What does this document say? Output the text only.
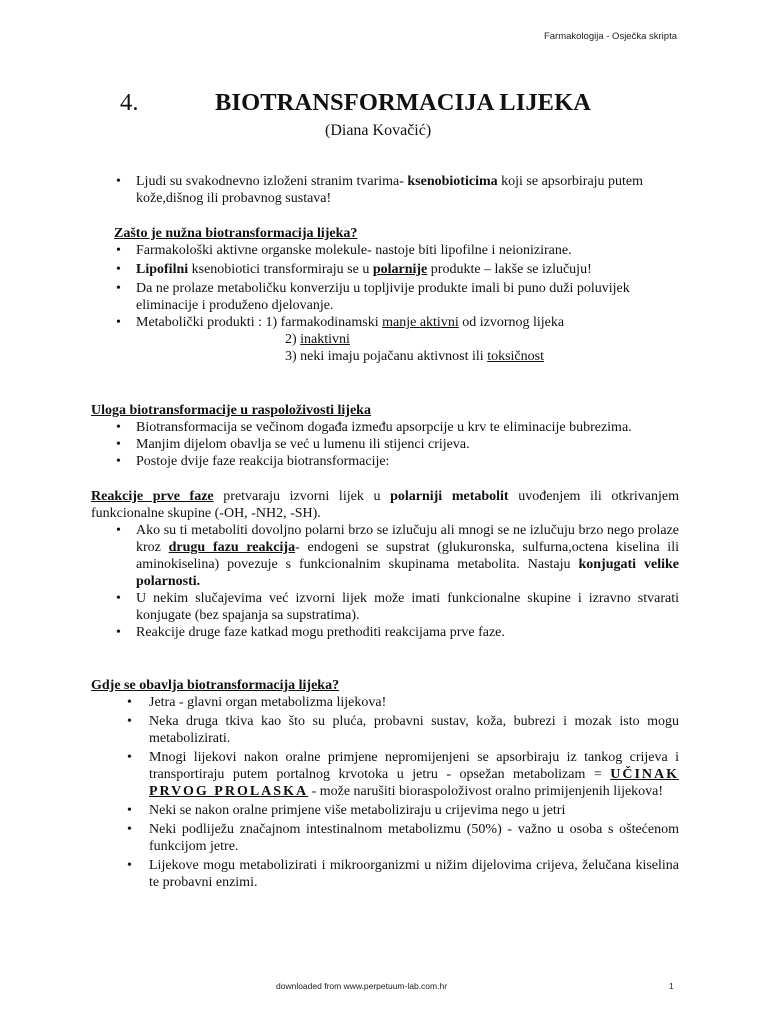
Farmakologija - Osječka skripta
4.	BIOTRANSFORMACIJA LIJEKA
(Diana Kovačić)
• Ljudi su svakodnevno izloženi stranim tvarima- ksenobioticima koji se apsorbiraju putem kože,dišnog ili probavnog sustava!

Zašto je nužna biotransformacija lijeka?

• Farmakološki aktivne organske molekule- nastoje biti lipofilne i neionizirane.
• Lipofilni ksenobiotici transformiraju se u polarnije produkte – lakše se izlučuju!
• Da ne prolaze metaboličku konverziju u topljivije produkte imali bi puno duži poluvijek eliminacije i produženo djelovanje.
• Metabolički produkti : 1) farmakodinamski manje aktivni od izvornog lijeka

2) inaktivni

3) neki imaju pojačanu aktivnost ili toksičnost

Uloga biotransformacije u raspoloživosti lijeka

• Biotransformacija se večinom događa između apsorpcije u krv te eliminacije bubrezima.
• Manjim dijelom obavlja se već u lumenu ili stijenci crijeva.
• Postoje dvije faze reakcija biotransformacije:

Reakcije prve faze pretvaraju izvorni lijek u polarniji metabolit uvođenjem ili otkrivanjem funkcionalne skupine (-OH, -NH2, -SH).

• Ako su ti metaboliti dovoljno polarni brzo se izlučuju ali mnogi se ne izlučuju brzo nego prolaze kroz drugu fazu reakcija- endogeni se supstrat (glukuronska, sulfurna,octena kiselina ili aminokiselina) povezuje s funkcionalnim skupinama metabolita. Nastaju konjugati velike polarnosti.
• U nekim slučajevima već izvorni lijek može imati funkcionalne skupine i izravno stvarati konjugate (bez spajanja sa supstratima).
• Reakcije druge faze katkad mogu prethoditi reakcijama prve faze.

Gdje se obavlja biotransformacija lijeka?

• Jetra - glavni organ metabolizma lijekova!
• Neka druga tkiva kao što su pluća, probavni sustav, koža, bubrezi i mozak isto mogu metabolizirati.
• Mnogi lijekovi nakon oralne primjene nepromijenjeni se apsorbiraju iz tankog crijeva i transportiraju putem portalnog krvotoka u jetru - opsežan metabolizam = UČINAK PRVOG PROLASKA - može narušiti bioraspoloživost oralno primijenjenih lijekova!
• Neki se nakon oralne primjene više metaboliziraju u crijevima nego u jetri
• Neki podliježu značajnom intestinalnom metabolizmu (50%) - važno u osoba s oštećenom funkcijom jetre.
• Lijekove mogu metabolizirati i mikroorganizmi u nižim dijelovima crijeva, želučana kiselina te probavni enzimi.
downloaded from www.perpetuum-lab.com.hr	1
